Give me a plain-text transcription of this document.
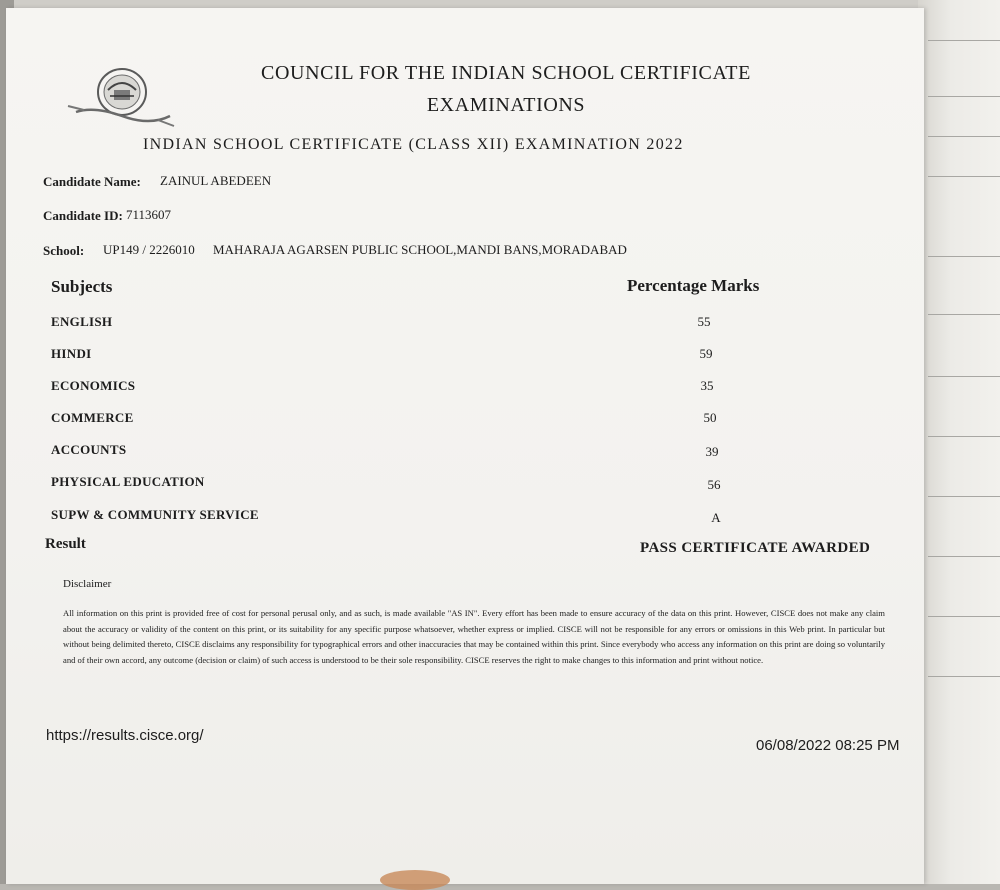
COUNCIL FOR THE INDIAN SCHOOL CERTIFICATE
EXAMINATIONS
INDIAN SCHOOL CERTIFICATE (CLASS XII) EXAMINATION 2022
Candidate Name: ZAINUL ABEDEEN
Candidate ID: 7113607
School: UP149 / 2226010 MAHARAJA AGARSEN PUBLIC SCHOOL,MANDI BANS,MORADABAD
Subjects	Percentage Marks
ENGLISH	55
HINDI	59
ECONOMICS	35
COMMERCE	50
ACCOUNTS	39
PHYSICAL EDUCATION	56
SUPW & COMMUNITY SERVICE	A
Result	PASS CERTIFICATE AWARDED
Disclaimer
All information on this print is provided free of cost for personal perusal only, and as such, is made available "AS IN". Every effort has been made to ensure accuracy of the data on this print. However, CISCE does not make any claim about the accuracy or validity of the content on this print, or its suitability for any specific purpose whatsoever, whether express or implied. CISCE will not be responsible for any errors or omissions in this Web print. In particular but without being delimited thereto, CISCE disclaims any responsibility for typographical errors and other inaccuracies that may be contained within this print. Since everybody who access any information on this print are doing so voluntarily and of their own accord, any outcome (decision or claim) of such access is understood to be their sole responsibility. CISCE reserves the right to make changes to this information and print without notice.
https://results.cisce.org/
06/08/2022 08:25 PM
